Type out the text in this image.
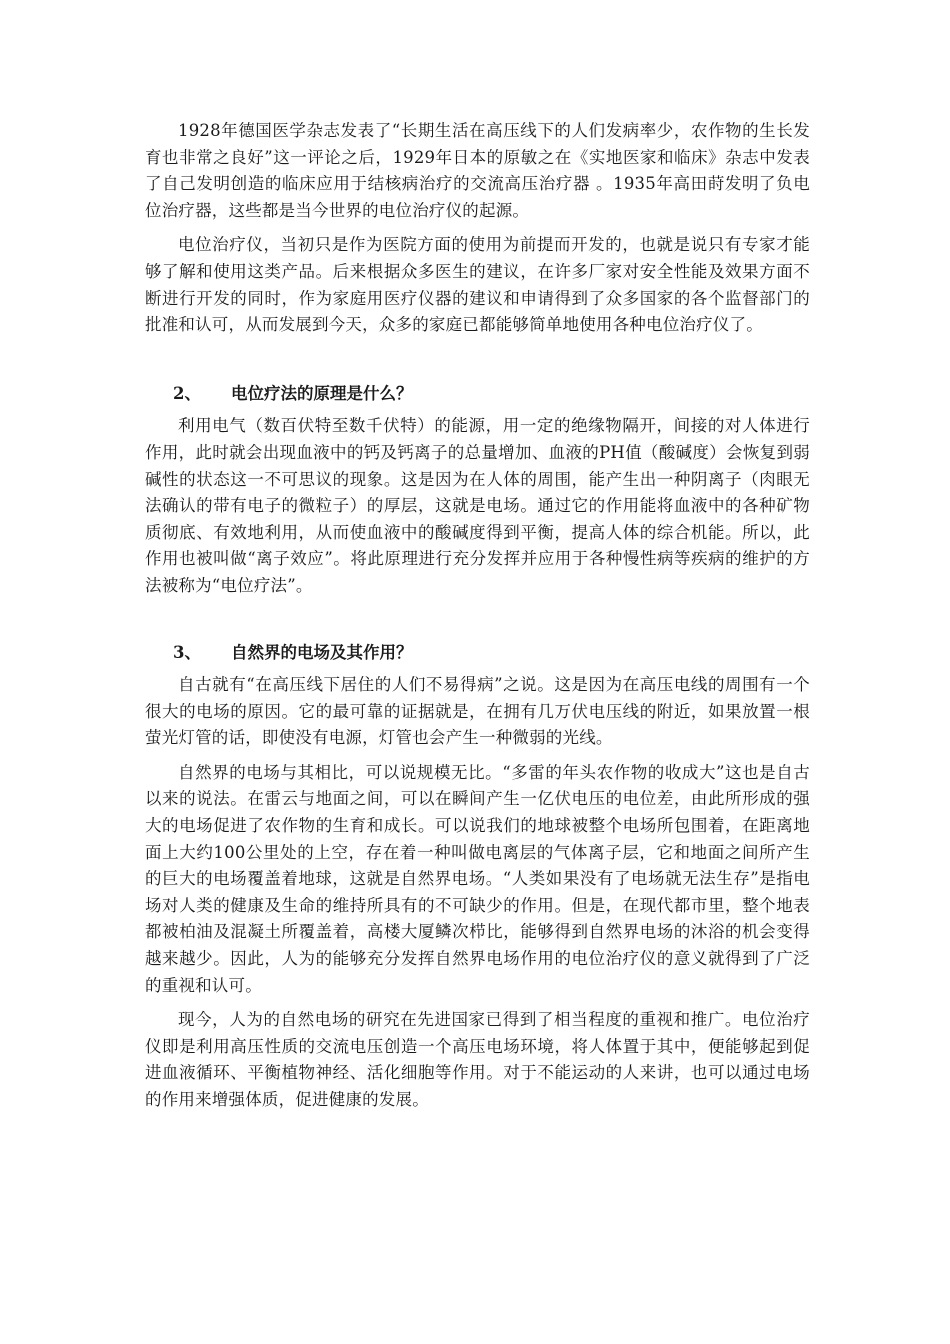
1928年德国医学杂志发表了“长期生活在高压线下的人们发病率少，农作物的生长发育也非常之良好”这一评论之后，1929年日本的原敏之在《实地医家和临床》杂志中发表了自己发明创造的临床应用于结核病治疗的交流高压治疗器 。1935年高田莳发明了负电位治疗器，这些都是当今世界的电位治疗仪的起源。

电位治疗仪，当初只是作为医院方面的使用为前提而开发的，也就是说只有专家才能够了解和使用这类产品。后来根据众多医生的建议，在许多厂家对安全性能及效果方面不断进行开发的同时，作为家庭用医疗仪器的建议和申请得到了众多国家的各个监督部门的批准和认可，从而发展到今天，众多的家庭已都能够简单地使用各种电位治疗仪了。

2、 电位疗法的原理是什么？

利用电气（数百伏特至数千伏特）的能源，用一定的绝缘物隔开，间接的对人体进行作用，此时就会出现血液中的钙及钙离子的总量增加、血液的PH值（酸碱度）会恢复到弱碱性的状态这一不可思议的现象。这是因为在人体的周围，能产生出一种阴离子（肉眼无法确认的带有电子的微粒子）的厚层，这就是电场。通过它的作用能将血液中的各种矿物质彻底、有效地利用，从而使血液中的酸碱度得到平衡，提高人体的综合机能。所以，此作用也被叫做“离子效应”。将此原理进行充分发挥并应用于各种慢性病等疾病的维护的方法被称为“电位疗法”。

3、 自然界的电场及其作用？

自古就有“在高压线下居住的人们不易得病”之说。这是因为在高压电线的周围有一个很大的电场的原因。它的最可靠的证据就是，在拥有几万伏电压线的附近，如果放置一根萤光灯管的话，即使没有电源，灯管也会产生一种微弱的光线。

自然界的电场与其相比，可以说规模无比。“多雷的年头农作物的收成大”这也是自古以来的说法。在雷云与地面之间，可以在瞬间产生一亿伏电压的电位差，由此所形成的强大的电场促进了农作物的生育和成长。可以说我们的地球被整个电场所包围着，在距离地面上大约100公里处的上空，存在着一种叫做电离层的气体离子层，它和地面之间所产生的巨大的电场覆盖着地球，这就是自然界电场。“人类如果没有了电场就无法生存”是指电场对人类的健康及生命的维持所具有的不可缺少的作用。但是，在现代都市里，整个地表都被柏油及混凝土所覆盖着，高楼大厦鳞次栉比，能够得到自然界电场的沐浴的机会变得越来越少。因此，人为的能够充分发挥自然界电场作用的电位治疗仪的意义就得到了广泛的重视和认可。

现今，人为的自然电场的研究在先进国家已得到了相当程度的重视和推广。电位治疗仪即是利用高压性质的交流电压创造一个高压电场环境，将人体置于其中，便能够起到促进血液循环、平衡植物神经、活化细胞等作用。对于不能运动的人来讲，也可以通过电场的作用来增强体质，促进健康的发展。
